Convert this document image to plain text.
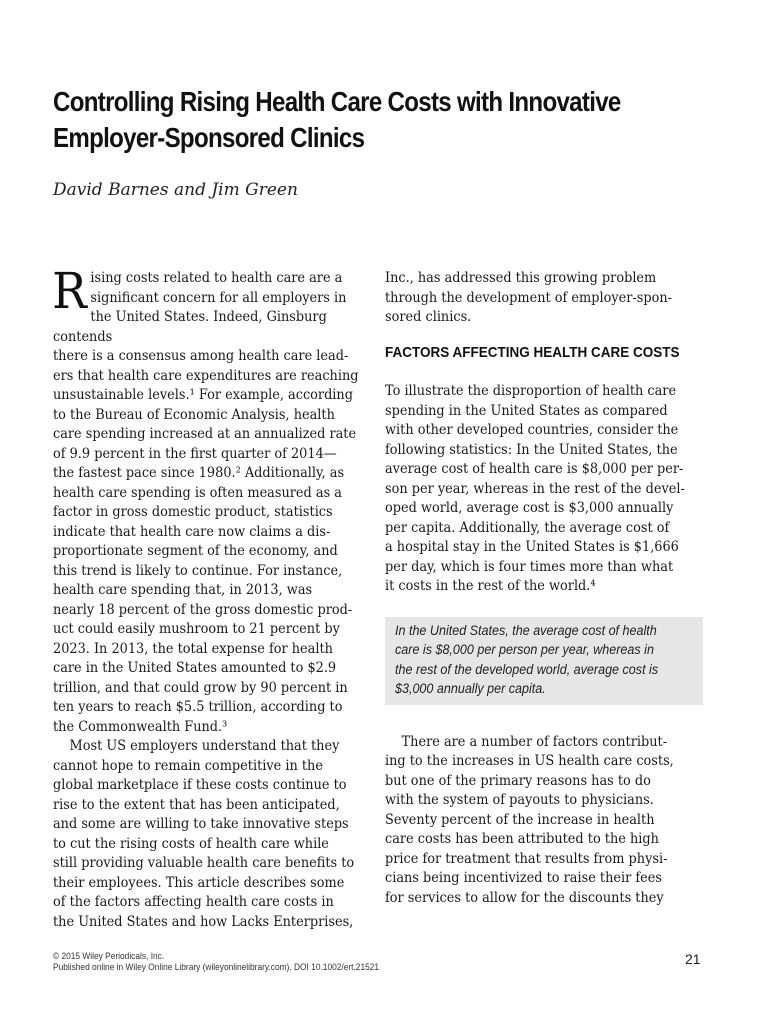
Controlling Rising Health Care Costs with Innovative
Employer-Sponsored Clinics
David Barnes and Jim Green

Rising costs related to health care are a
significant concern for all employers in
the United States. Indeed, Ginsburg contends
there is a consensus among health care lead-
ers that health care expenditures are reaching
unsustainable levels.¹ For example, according
to the Bureau of Economic Analysis, health
care spending increased at an annualized rate
of 9.9 percent in the first quarter of 2014—
the fastest pace since 1980.² Additionally, as
health care spending is often measured as a
factor in gross domestic product, statistics
indicate that health care now claims a dis-
proportionate segment of the economy, and
this trend is likely to continue. For instance,
health care spending that, in 2013, was
nearly 18 percent of the gross domestic prod-
uct could easily mushroom to 21 percent by
2023. In 2013, the total expense for health
care in the United States amounted to $2.9
trillion, and that could grow by 90 percent in
ten years to reach $5.5 trillion, according to
the Commonwealth Fund.³

Most US employers understand that they
cannot hope to remain competitive in the
global marketplace if these costs continue to
rise to the extent that has been anticipated,
and some are willing to take innovative steps
to cut the rising costs of health care while
still providing valuable health care benefits to
their employees. This article describes some
of the factors affecting health care costs in
the United States and how Lacks Enterprises,

Inc., has addressed this growing problem
through the development of employer-spon-
sored clinics.

FACTORS AFFECTING HEALTH CARE COSTS

To illustrate the disproportion of health care
spending in the United States as compared
with other developed countries, consider the
following statistics: In the United States, the
average cost of health care is $8,000 per per-
son per year, whereas in the rest of the devel-
oped world, average cost is $3,000 annually
per capita. Additionally, the average cost of
a hospital stay in the United States is $1,666
per day, which is four times more than what
it costs in the rest of the world.⁴

In the United States, the average cost of health
care is $8,000 per person per year, whereas in
the rest of the developed world, average cost is
$3,000 annually per capita.

There are a number of factors contribut-
ing to the increases in US health care costs,
but one of the primary reasons has to do
with the system of payouts to physicians.
Seventy percent of the increase in health
care costs has been attributed to the high
price for treatment that results from physi-
cians being incentivized to raise their fees
for services to allow for the discounts they

© 2015 Wiley Periodicals, Inc.
Published online in Wiley Online Library (wileyonlinelibrary.com). DOI 10.1002/ert.21521
21
